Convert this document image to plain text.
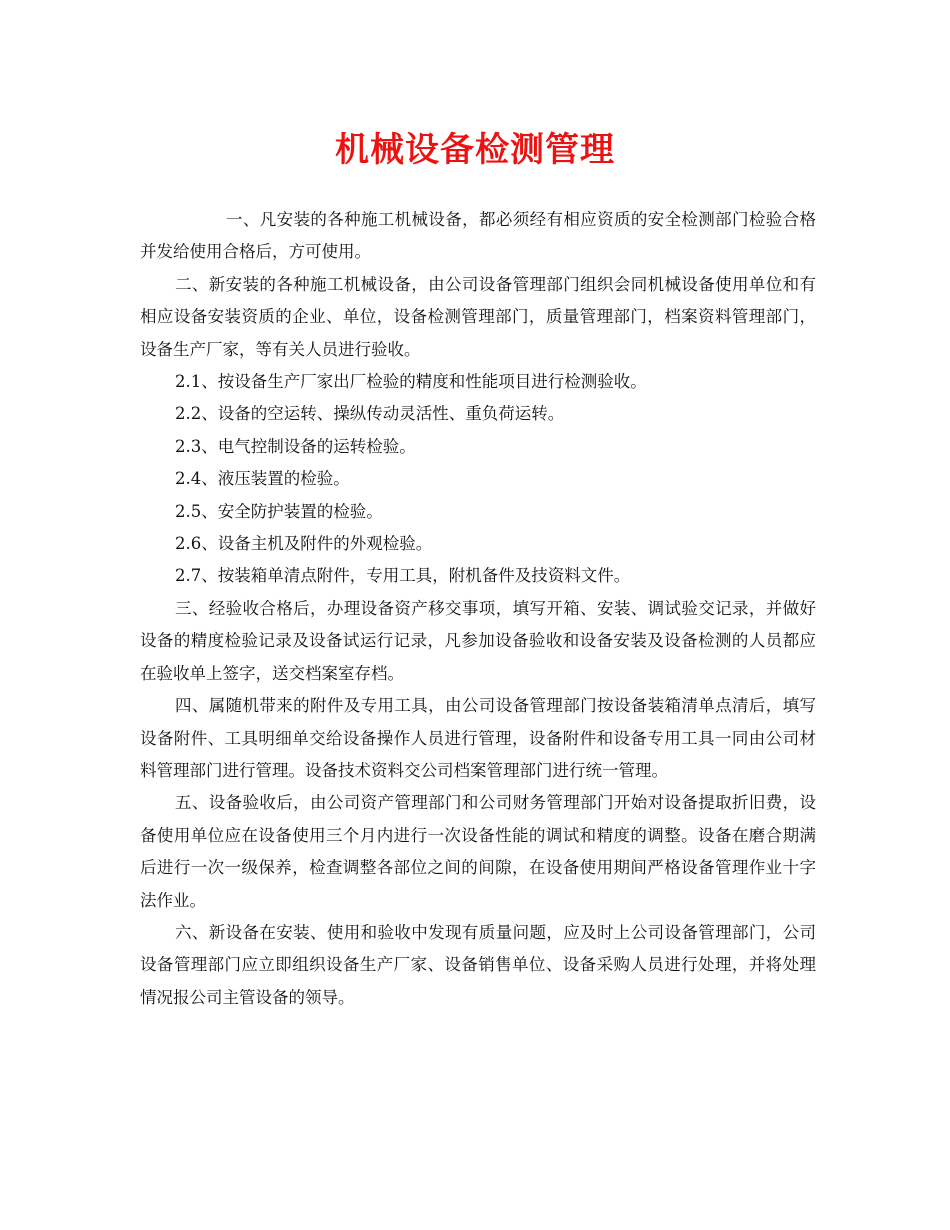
机械设备检测管理

一、凡安装的各种施工机械设备，都必须经有相应资质的安全检测部门检验合格并发给使用合格后，方可使用。

二、新安装的各种施工机械设备，由公司设备管理部门组织会同机械设备使用单位和有相应设备安装资质的企业、单位，设备检测管理部门，质量管理部门，档案资料管理部门，设备生产厂家，等有关人员进行验收。

2.1、按设备生产厂家出厂检验的精度和性能项目进行检测验收。

2.2、设备的空运转、操纵传动灵活性、重负荷运转。

2.3、电气控制设备的运转检验。

2.4、液压装置的检验。

2.5、安全防护装置的检验。

2.6、设备主机及附件的外观检验。

2.7、按装箱单清点附件，专用工具，附机备件及技资料文件。

三、经验收合格后，办理设备资产移交事项，填写开箱、安装、调试验交记录，并做好设备的精度检验记录及设备试运行记录，凡参加设备验收和设备安装及设备检测的人员都应在验收单上签字，送交档案室存档。

四、属随机带来的附件及专用工具，由公司设备管理部门按设备装箱清单点清后，填写设备附件、工具明细单交给设备操作人员进行管理，设备附件和设备专用工具一同由公司材料管理部门进行管理。设备技术资料交公司档案管理部门进行统一管理。

五、设备验收后，由公司资产管理部门和公司财务管理部门开始对设备提取折旧费，设备使用单位应在设备使用三个月内进行一次设备性能的调试和精度的调整。设备在磨合期满后进行一次一级保养，检查调整各部位之间的间隙，在设备使用期间严格设备管理作业十字法作业。

六、新设备在安装、使用和验收中发现有质量问题，应及时上公司设备管理部门，公司设备管理部门应立即组织设备生产厂家、设备销售单位、设备采购人员进行处理，并将处理情况报公司主管设备的领导。
